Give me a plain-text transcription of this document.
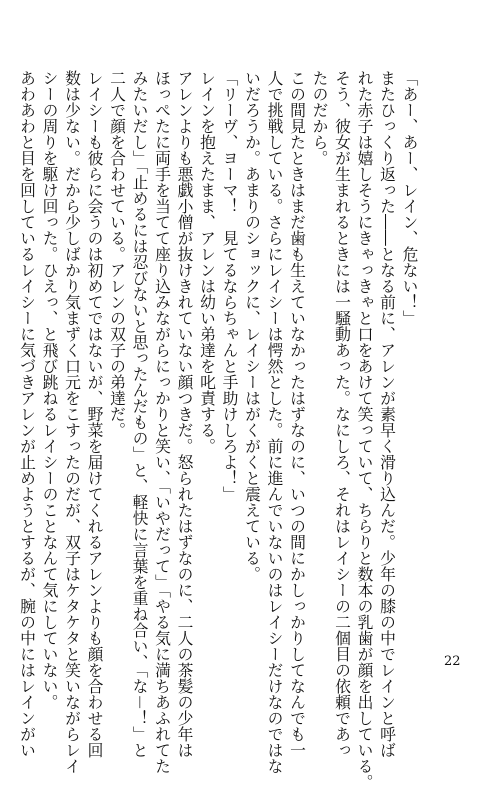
「あー、あー、レイン、危ない！」
またひっくり返った――となる前に、アレンが素早く滑り込んだ。少年の膝の中でレインと呼ば
れた赤子は嬉しそうにきゃっきゃと口をあけて笑っていて、ちらりと数本の乳歯が顔を出している。
そう、彼女が生まれるときには一騒動あった。なにしろ、それはレイシーの二個目の依頼であっ
たのだから。
この間見たときはまだ歯も生えていなかったはずなのに、いつの間にかしっかりしてなんでも一
人で挑戦している。さらにレイシーは愕然とした。前に進んでいないのはレイシーだけなのではな
いだろうか。あまりのショックに、レイシーはがくがくと震えている。
「リーヴ、ヨーマ！　見てるならちゃんと手助けしろよ！」
レインを抱えたまま、アレンは幼い弟達を叱責する。
アレンよりも悪戯小僧が抜けきれていない顔つきだ。怒られたはずなのに、二人の茶髪の少年は
ほっぺたに両手を当てて座り込みながらにっかりと笑い、「いやだって」「やる気に満ちあふれてた
みたいだし」「止めるには忍びないと思ったんだもの」と、軽快に言葉を重ね合い、「な－！」と
二人で顔を合わせている。アレンの双子の弟達だ。
レイシーも彼らに会うのは初めてではないが、野菜を届けてくれるアレンよりも顔を合わせる回
数は少ない。だから少しばかり気まずく口元をこすったのだが、双子はケタケタと笑いながらレイ
シーの周りを駆け回った。ひえっ、と飛び跳ねるレイシーのことなんて気にしていない。
あわあわと目を回しているレイシーに気づきアレンが止めようとするが、腕の中にはレインがい	22
